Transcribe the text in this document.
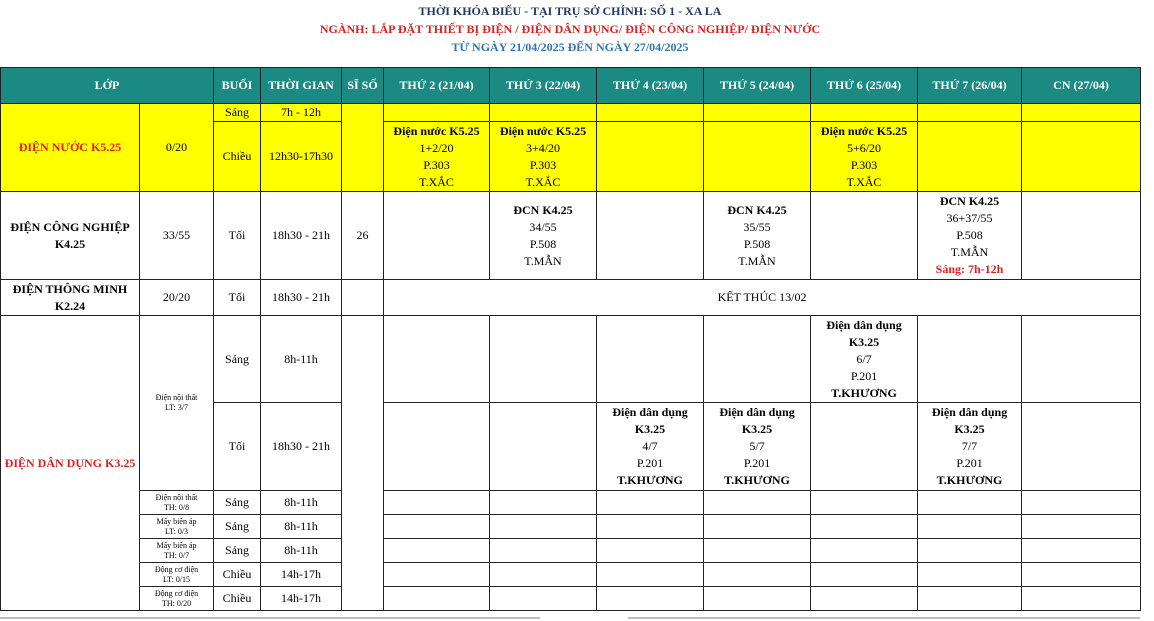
THỜI KHÓA BIỂU - TẠI TRỤ SỞ CHÍNH: SỐ 1 - XA LA
NGÀNH: LẮP ĐẶT THIẾT BỊ ĐIỆN / ĐIỆN DÂN DỤNG/ ĐIỆN CÔNG NGHIỆP/ ĐIỆN NƯỚC
TỪ NGÀY 21/04/2025 ĐẾN NGÀY 27/04/2025
LỚP		BUỔI	THỜI GIAN	SĨ SỐ	THỨ 2 (21/04)	THỨ 3 (22/04)	THỨ 4 (23/04)	THỨ 5 (24/04)	THỨ 6 (25/04)	THỨ 7 (26/04)	CN (27/04)
ĐIỆN NƯỚC K5.25	0/20	Sáng	7h - 12h								
		Chiều	12h30-17h30		Điện nước K5.25
1+2/20
P.303
T.XẮC	Điện nước K5.25
3+4/20
P.303
T.XẮC			Điện nước K5.25
5+6/20
P.303
T.XẮC		

ĐIỆN CÔNG NGHIỆP K4.25	33/55	Tối	18h30 - 21h	26		ĐCN K4.25
34/55
P.508
T.MẪN		ĐCN K4.25
35/55
P.508
T.MẪN		ĐCN K4.25
36+37/55
P.508
T.MẪN
Sáng: 7h-12h	

ĐIỆN THÔNG MINH K2.24	20/20	Tối	18h30 - 21h		KẾT THÚC 13/02						
ĐIỆN DÂN DỤNG K3.25	Điện nội thất
LT: 3/7	Sáng	8h-11h						Điện dân dụng
K3.25
6/7
P.201
T.KHƯƠNG		

		Tối	18h30 - 21h				Điện dân dụng
K3.25
4/7
P.201
T.KHƯƠNG	Điện dân dụng
K3.25
5/7
P.201
T.KHƯƠNG		Điện dân dụng
K3.25
7/7
P.201
T.KHƯƠNG	

	Điện nội thất
TH: 0/8	Sáng	8h-11h								

	Mấy biến áp
LT: 0/3	Sáng	8h-11h								

	Mấy biến áp
TH: 0/7	Sáng	8h-11h								

	Động cơ điện
LT: 0/15	Chiều	14h-17h								

	Động cơ điện
TH: 0/20	Chiều	14h-17h								
